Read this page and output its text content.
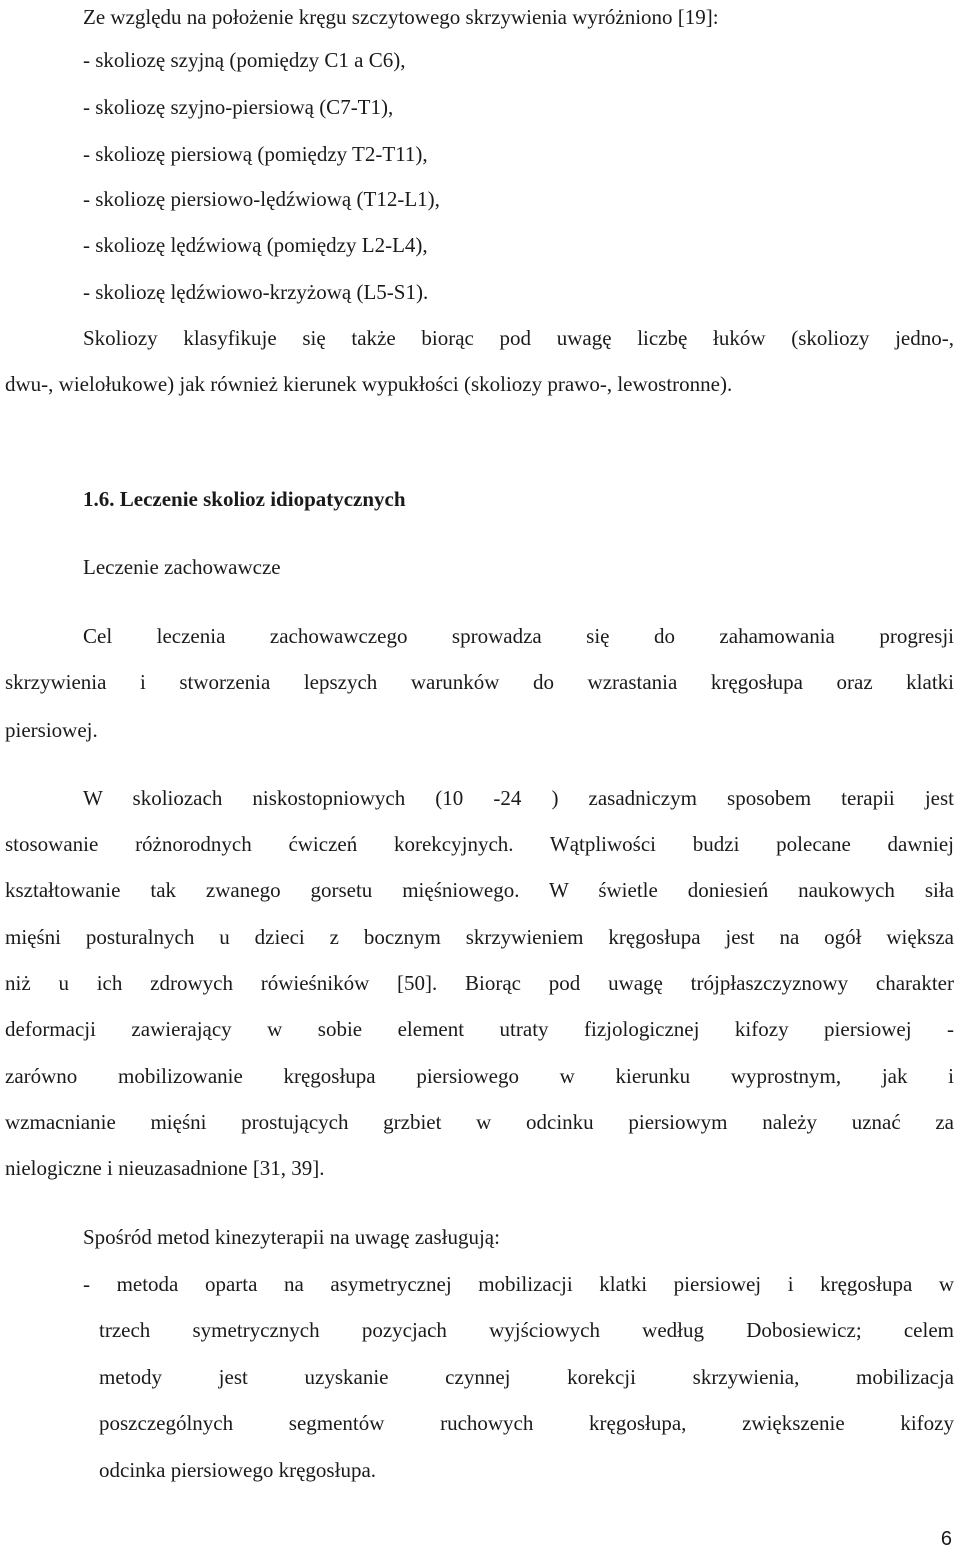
Ze względu na położenie kręgu szczytowego skrzywienia wyróżniono [19]:

- skoliozę szyjną (pomiędzy C1 a C6),

- skoliozę szyjno-piersiową (C7-T1),

- skoliozę piersiową (pomiędzy T2-T11),

- skoliozę piersiowo-lędźwiową (T12-L1),

- skoliozę lędźwiową (pomiędzy L2-L4),

- skoliozę lędźwiowo-krzyżową (L5-S1).

Skoliozy klasyfikuje się także biorąc pod uwagę liczbę łuków (skoliozy jedno-,

dwu-, wielołukowe) jak również kierunek wypukłości (skoliozy prawo-, lewostronne).

1.6. Leczenie skolioz idiopatycznych

Leczenie zachowawcze

Cel leczenia zachowawczego sprowadza się do zahamowania progresji

skrzywienia i stworzenia lepszych warunków do wzrastania kręgosłupa oraz klatki

piersiowej.

W skoliozach niskostopniowych (10 -24 ) zasadniczym sposobem terapii jest

stosowanie różnorodnych ćwiczeń korekcyjnych. Wątpliwości budzi polecane dawniej

kształtowanie tak zwanego gorsetu mięśniowego. W świetle doniesień naukowych siła

mięśni posturalnych u dzieci z bocznym skrzywieniem kręgosłupa jest na ogół większa

niż u ich zdrowych rówieśników [50]. Biorąc pod uwagę trójpłaszczyznowy charakter

deformacji zawierający w sobie element utraty fizjologicznej kifozy piersiowej -

zarówno mobilizowanie kręgosłupa piersiowego w kierunku wyprostnym, jak i

wzmacnianie mięśni prostujących grzbiet w odcinku piersiowym należy uznać za

nielogiczne i nieuzasadnione [31, 39].

Spośród metod kinezyterapii na uwagę zasługują:

- metoda oparta na asymetrycznej mobilizacji klatki piersiowej i kręgosłupa w

trzech symetrycznych pozycjach wyjściowych według Dobosiewicz; celem

metody jest uzyskanie czynnej korekcji skrzywienia, mobilizacja

poszczególnych segmentów ruchowych kręgosłupa, zwiększenie kifozy

odcinka piersiowego kręgosłupa.

6
